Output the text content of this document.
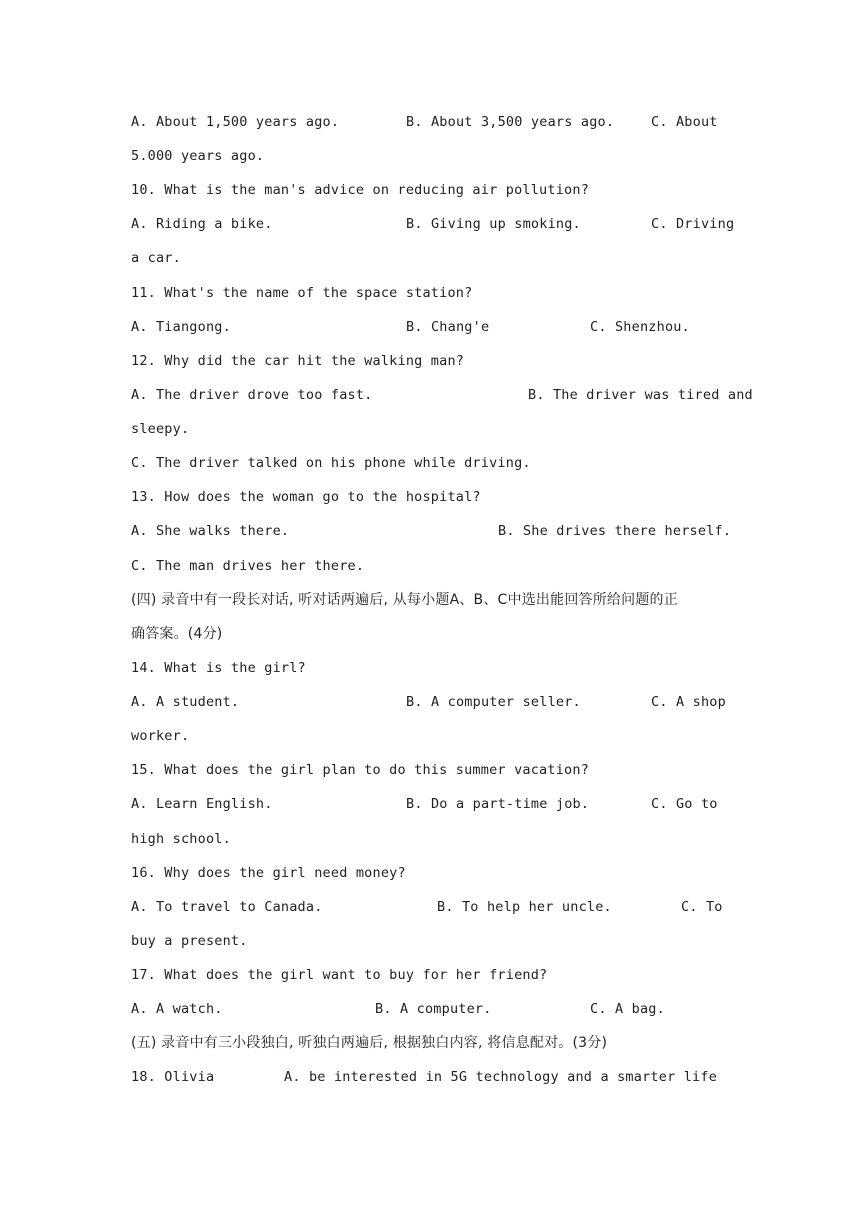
A. About 1,500 years ago.	B. About 3,500 years ago.	C. About
5.000 years ago.
10. What is the man's advice on reducing air pollution?
A. Riding a bike.	B. Giving up smoking.	C. Driving
a car.
11. What's the name of the space station?
A. Tiangong.	B. Chang'e	C. Shenzhou.
12. Why did the car hit the walking man?
A. The driver drove too fast.	B. The driver was tired and
sleepy.
C. The driver talked on his phone while driving.
13. How does the woman go to the hospital?
A. She walks there.	B. She drives there herself.
C. The man drives her there.
(四) 录音中有一段长对话, 听对话两遍后, 从每小题A、B、C中选出能回答所给问题的正
确答案。(4分)
14. What is the girl?
A. A student.	B. A computer seller.	C. A shop
worker.
15. What does the girl plan to do this summer vacation?
A. Learn English.	B. Do a part-time job.	C. Go to
high school.
16. Why does the girl need money?
A. To travel to Canada.	B. To help her uncle.	C. To
buy a present.
17. What does the girl want to buy for her friend?
A. A watch.	B. A computer.	C. A bag.
(五) 录音中有三小段独白, 听独白两遍后, 根据独白内容, 将信息配对。(3分)
18. Olivia	A. be interested in 5G technology and a smarter life
